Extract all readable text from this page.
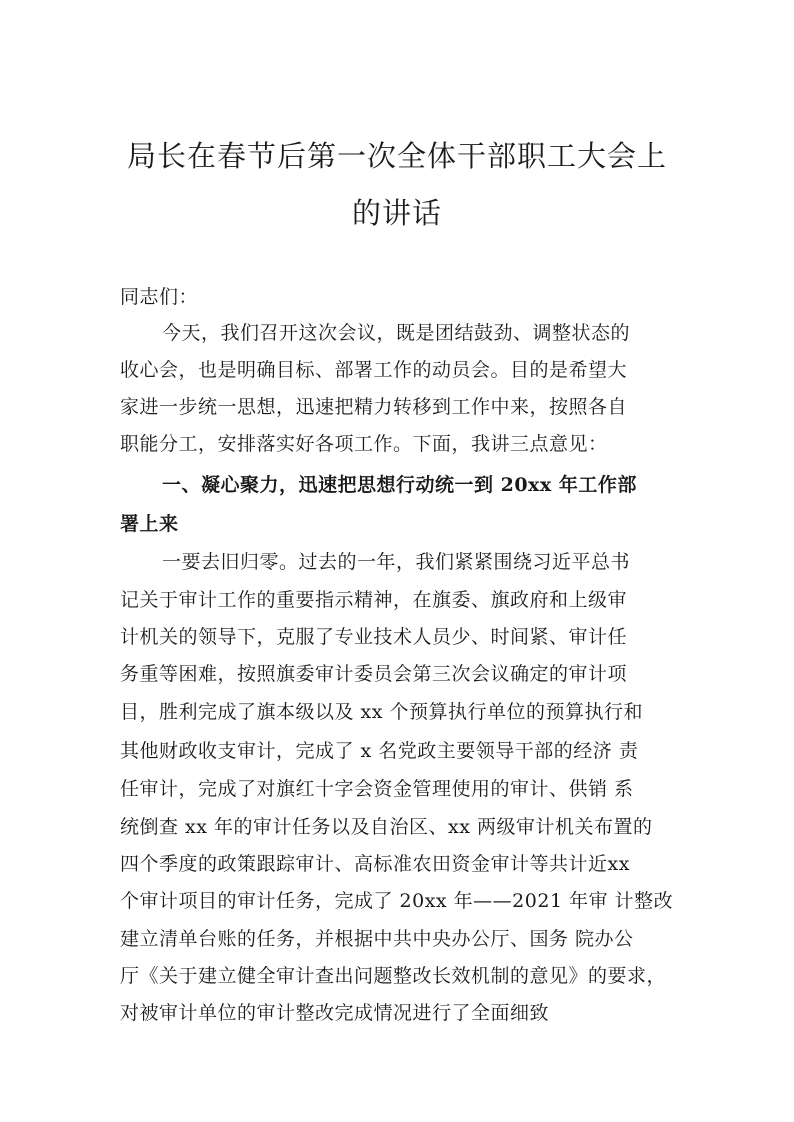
局长在春节后第一次全体干部职工大会上
的讲话
同志们：
今天，我们召开这次会议，既是团结鼓劲、调整状态的
收心会，也是明确目标、部署工作的动员会。目的是希望大
家进一步统一思想，迅速把精力转移到工作中来，按照各自
职能分工，安排落实好各项工作。下面，我讲三点意见：
一、凝心聚力，迅速把思想行动统一到 20xx 年工作部
署上来
一要去旧归零。过去的一年，我们紧紧围绕习近平总书
记关于审计工作的重要指示精神，在旗委、旗政府和上级审
计机关的领导下，克服了专业技术人员少、时间紧、审计任
务重等困难，按照旗委审计委员会第三次会议确定的审计项
目，胜利完成了旗本级以及 xx 个预算执行单位的预算执行和
其他财政收支审计，完成了 x 名党政主要领导干部的经济 责
任审计，完成了对旗红十字会资金管理使用的审计、供销 系
统倒查 xx 年的审计任务以及自治区、xx 两级审计机关布置的
四个季度的政策跟踪审计、高标准农田资金审计等共计近xx
个审计项目的审计任务，完成了 20xx 年——2021 年审 计整改
建立清单台账的任务，并根据中共中央办公厅、国务 院办公
厅《关于建立健全审计查出问题整改长效机制的意见》的要求，
对被审计单位的审计整改完成情况进行了全面细致
